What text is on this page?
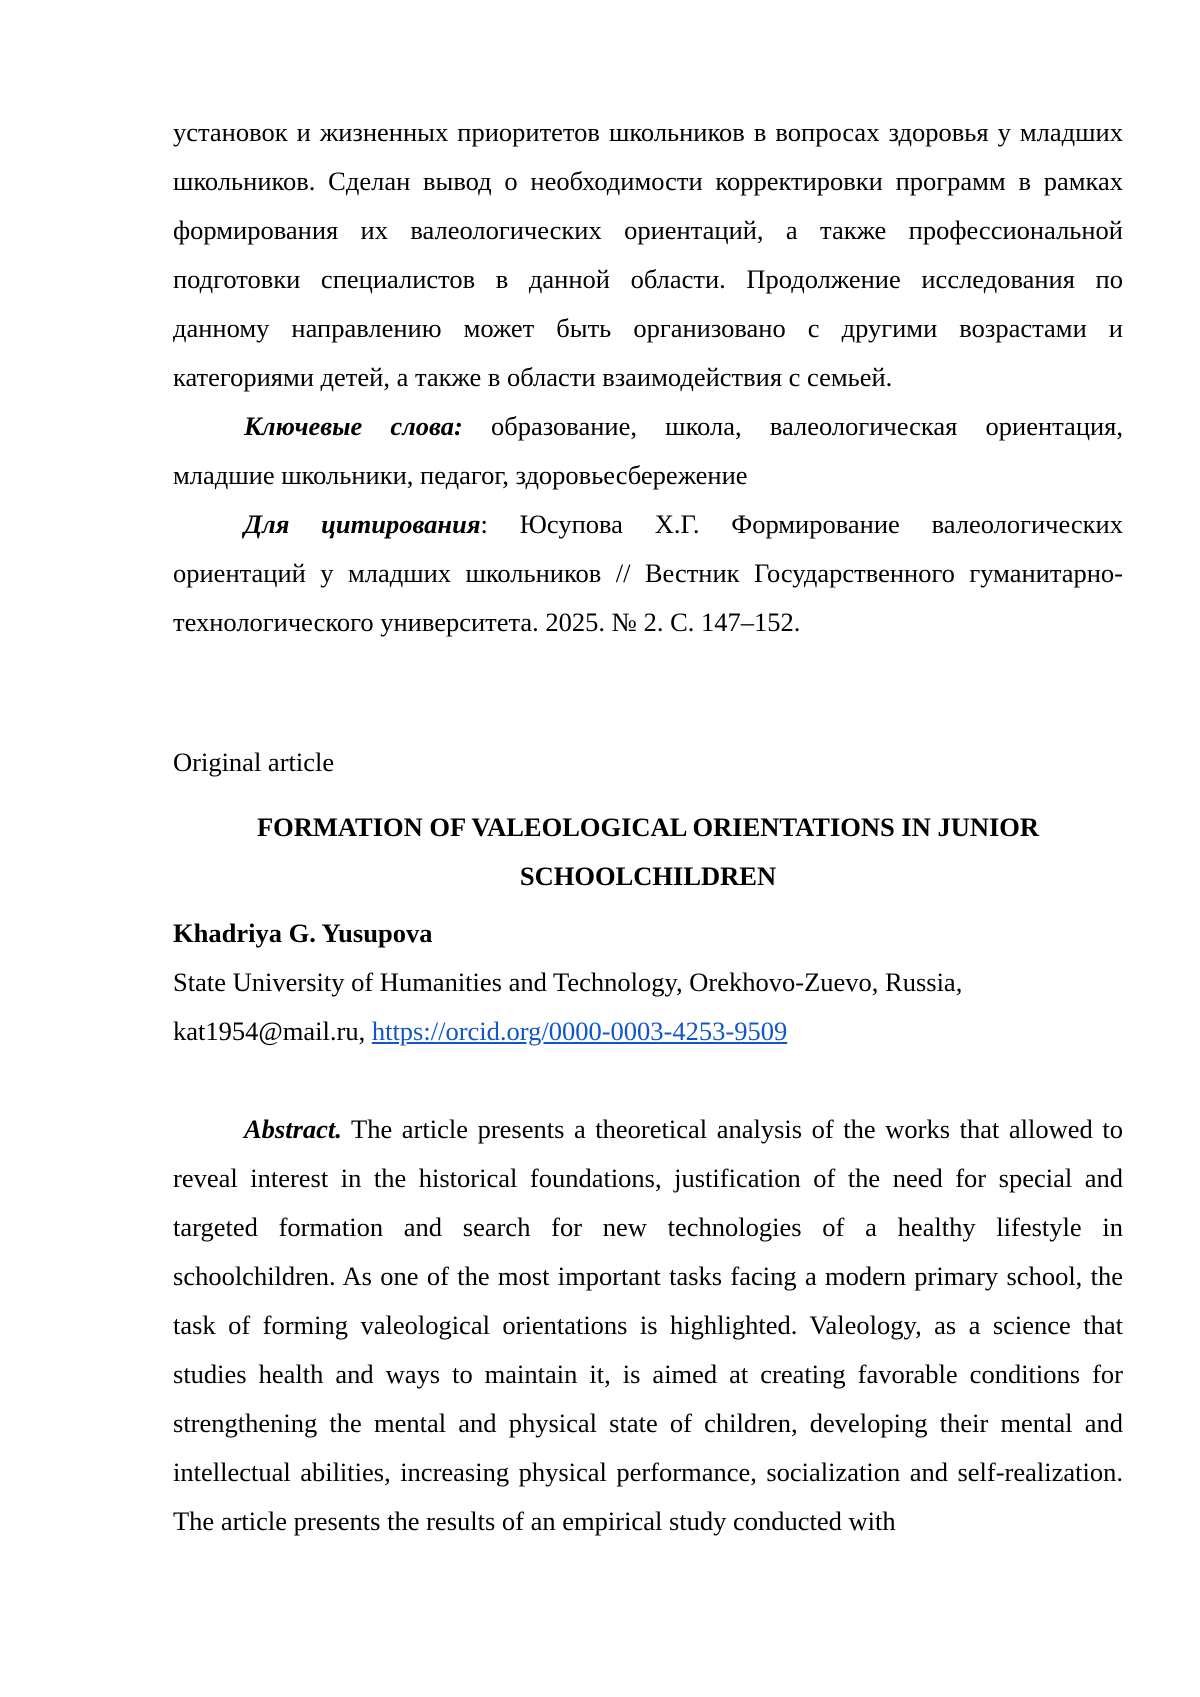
установок и жизненных приоритетов школьников в вопросах здоровья у младших школьников. Сделан вывод о необходимости корректировки программ в рамках формирования их валеологических ориентаций, а также профессиональной подготовки специалистов в данной области. Продолжение исследования по данному направлению может быть организовано с другими возрастами и категориями детей, а также в области взаимодействия с семьей.

Ключевые слова: образование, школа, валеологическая ориентация, младшие школьники, педагог, здоровьесбережение

Для цитирования: Юсупова Х.Г. Формирование валеологических ориентаций у младших школьников // Вестник Государственного гуманитарно-технологического университета. 2025. № 2. С. 147–152.

Original article

FORMATION OF VALEOLOGICAL ORIENTATIONS IN JUNIOR
SCHOOLCHILDREN

Khadriya G. Yusupova

State University of Humanities and Technology, Orekhovo-Zuevo, Russia,

kat1954@mail.ru, https://orcid.org/0000-0003-4253-9509

Abstract. The article presents a theoretical analysis of the works that allowed to reveal interest in the historical foundations, justification of the need for special and targeted formation and search for new technologies of a healthy lifestyle in schoolchildren. As one of the most important tasks facing a modern primary school, the task of forming valeological orientations is highlighted. Valeology, as a science that studies health and ways to maintain it, is aimed at creating favorable conditions for strengthening the mental and physical state of children, developing their mental and intellectual abilities, increasing physical performance, socialization and self-realization. The article presents the results of an empirical study conducted with
